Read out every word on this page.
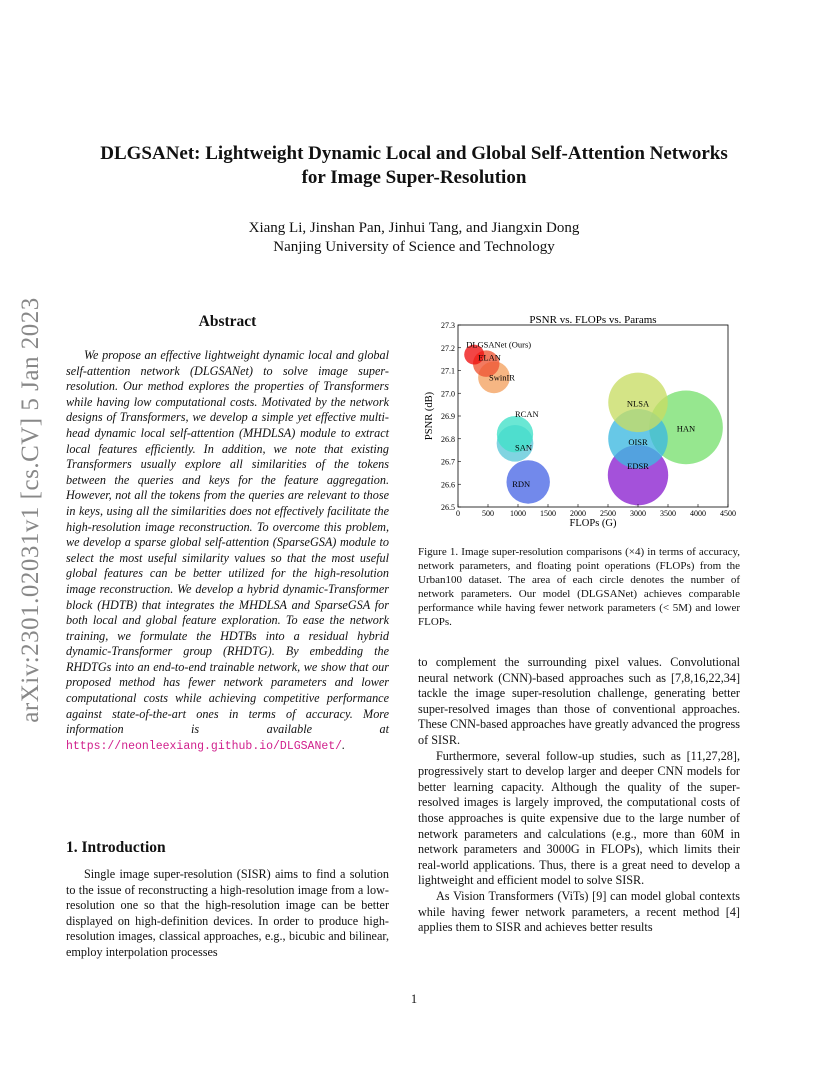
DLGSANet: Lightweight Dynamic Local and Global Self-Attention Networks
for Image Super-Resolution
Xiang Li, Jinshan Pan, Jinhui Tang, and Jiangxin Dong
Nanjing University of Science and Technology
arXiv:2301.02031v1 [cs.CV] 5 Jan 2023	Abstract

We propose an effective lightweight dynamic local and global self-attention network (DLGSANet) to solve image super-resolution. Our method explores the properties of Transformers while having low computational costs. Motivated by the network designs of Transformers, we develop a simple yet effective multi-head dynamic local self-attention (MHDLSA) module to extract local features efficiently. In addition, we note that existing Transformers usually explore all similarities of the tokens between the queries and keys for the feature aggregation. However, not all the tokens from the queries are relevant to those in keys, using all the similarities does not effectively facilitate the high-resolution image reconstruction. To overcome this problem, we develop a sparse global self-attention (SparseGSA) module to select the most useful similarity values so that the most useful global features can be better utilized for the high-resolution image reconstruction. We develop a hybrid dynamic-Transformer block (HDTB) that integrates the MHDLSA and SparseGSA for both local and global feature exploration. To ease the network training, we formulate the HDTBs into a residual hybrid dynamic-Transformer group (RHDTG). By embedding the RHDTGs into an end-to-end trainable network, we show that our proposed method has fewer network parameters and lower computational costs while achieving competitive performance against state-of-the-art ones in terms of accuracy. More information is available at https://neonleexiang.github.io/DLGSANet/.

1. Introduction

Single image super-resolution (SISR) aims to find a solution to the issue of reconstructing a high-resolution image from a low-resolution one so that the high-resolution image can be better displayed on high-definition devices. In order to produce high-resolution images, classical approaches, e.g., bicubic and bilinear, employ interpolation processes

PSNR vs. FLOPs vs. Params
DLGSANet (Ours)
ELAN
SwinIR
RCAN
SAN
RDN
NLSA
OISR
EDSR
HAN
0	500 1000 1500 2000 2500 3000 3500 4000 4500
26.5
26.6
26.7
26.8
26.9
27.0
27.1
27.2
27.3
FLOPs (G)
PSNR (dB)

Figure 1. Image super-resolution comparisons (×4) in terms of accuracy, network parameters, and floating point operations (FLOPs) from the Urban100 dataset. The area of each circle denotes the number of network parameters. Our model (DLGSANet) achieves comparable performance while having fewer network parameters (< 5M) and lower FLOPs.

to complement the surrounding pixel values. Convolutional neural network (CNN)-based approaches such as [7,8,16,22,34] tackle the image super-resolution challenge, generating better super-resolved images than those of conventional approaches. These CNN-based approaches have greatly advanced the progress of SISR.

Furthermore, several follow-up studies, such as [11,27,28], progressively start to develop larger and deeper CNN models for better learning capacity. Although the quality of the super-resolved images is largely improved, the computational costs of those approaches is quite expensive due to the large number of network parameters and calculations (e.g., more than 60M in network parameters and 3000G in FLOPs), which limits their real-world applications. Thus, there is a great need to develop a lightweight and efficient model to solve SISR.

As Vision Transformers (ViTs) [9] can model global contexts while having fewer network parameters, a recent method [4] applies them to SISR and achieves better results

1
